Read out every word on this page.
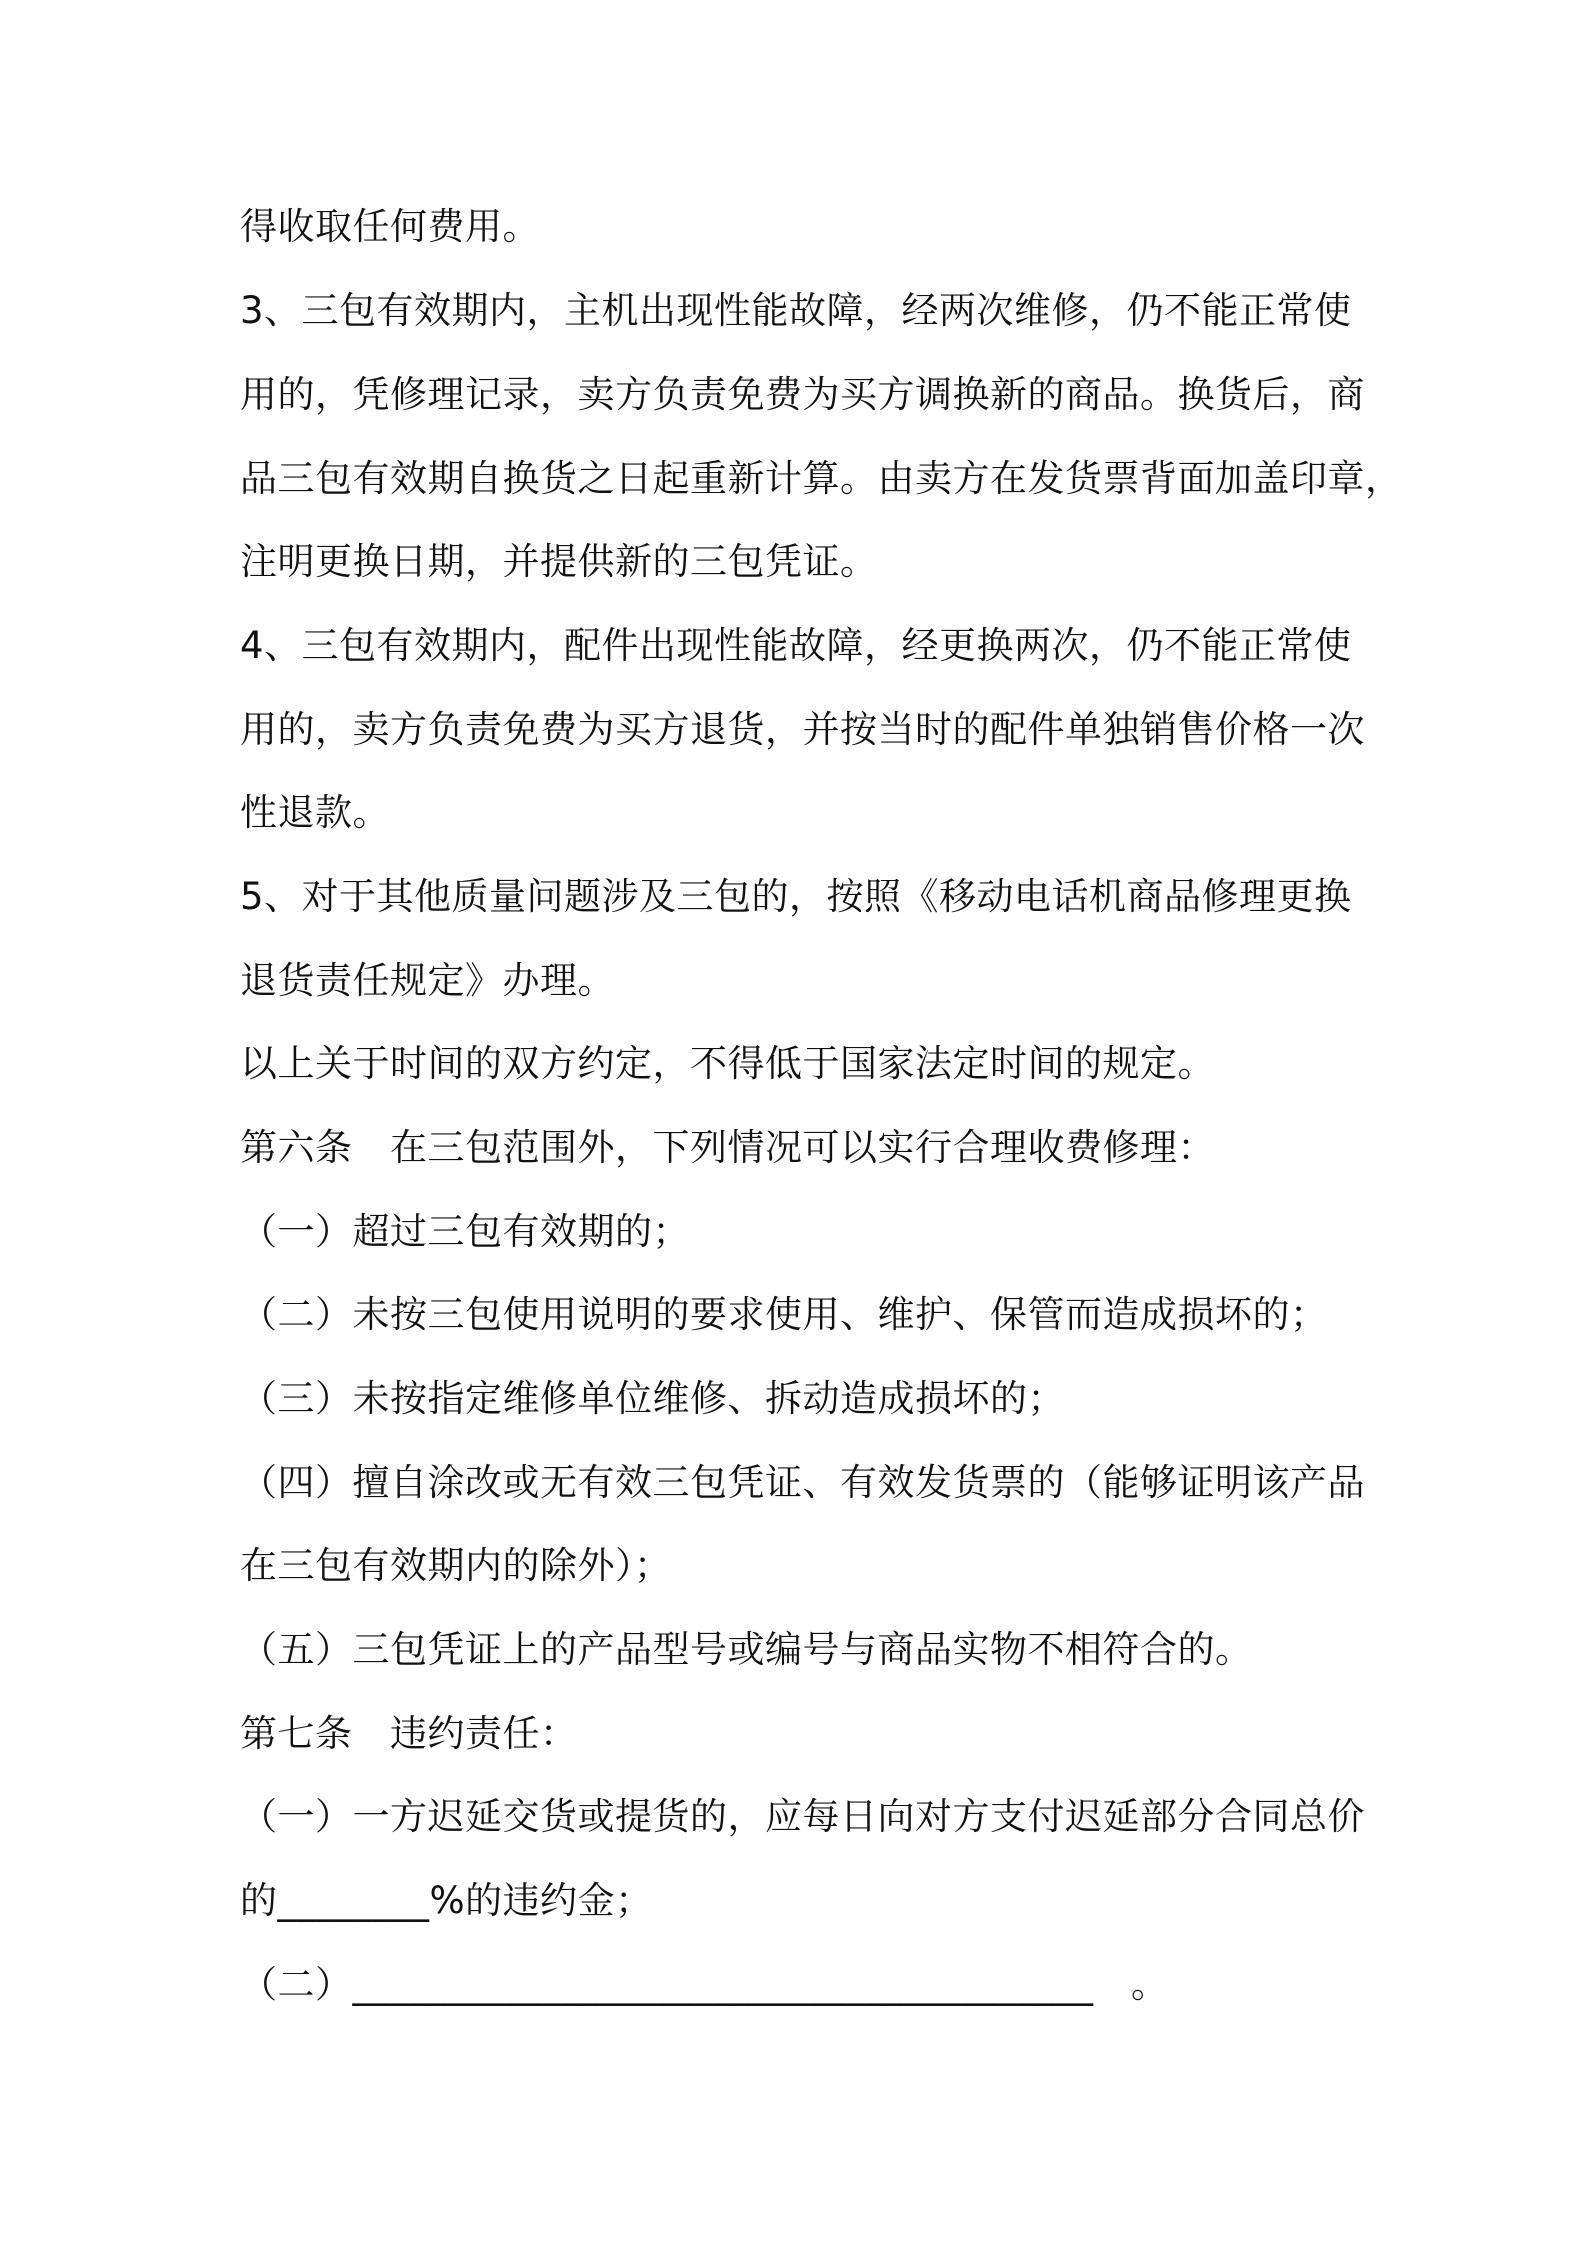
得收取任何费用。
3、三包有效期内，主机出现性能故障，经两次维修，仍不能正常使
用的，凭修理记录，卖方负责免费为买方调换新的商品。换货后，商
品三包有效期自换货之日起重新计算。由卖方在发货票背面加盖印章，
注明更换日期，并提供新的三包凭证。
4、三包有效期内，配件出现性能故障，经更换两次，仍不能正常使
用的，卖方负责免费为买方退货，并按当时的配件单独销售价格一次
性退款。
5、对于其他质量问题涉及三包的，按照《移动电话机商品修理更换
退货责任规定》办理。
以上关于时间的双方约定，不得低于国家法定时间的规定。
第六条　在三包范围外，下列情况可以实行合理收费修理：
（一）超过三包有效期的；
（二）未按三包使用说明的要求使用、维护、保管而造成损坏的；
（三）未按指定维修单位维修、拆动造成损坏的；
（四）擅自涂改或无有效三包凭证、有效发货票的（能够证明该产品
在三包有效期内的除外）；
（五）三包凭证上的产品型号或编号与商品实物不相符合的。
第七条　违约责任：
（一）一方迟延交货或提货的，应每日向对方支付迟延部分合同总价
的________%的违约金；
（二）_______________________________________　。
